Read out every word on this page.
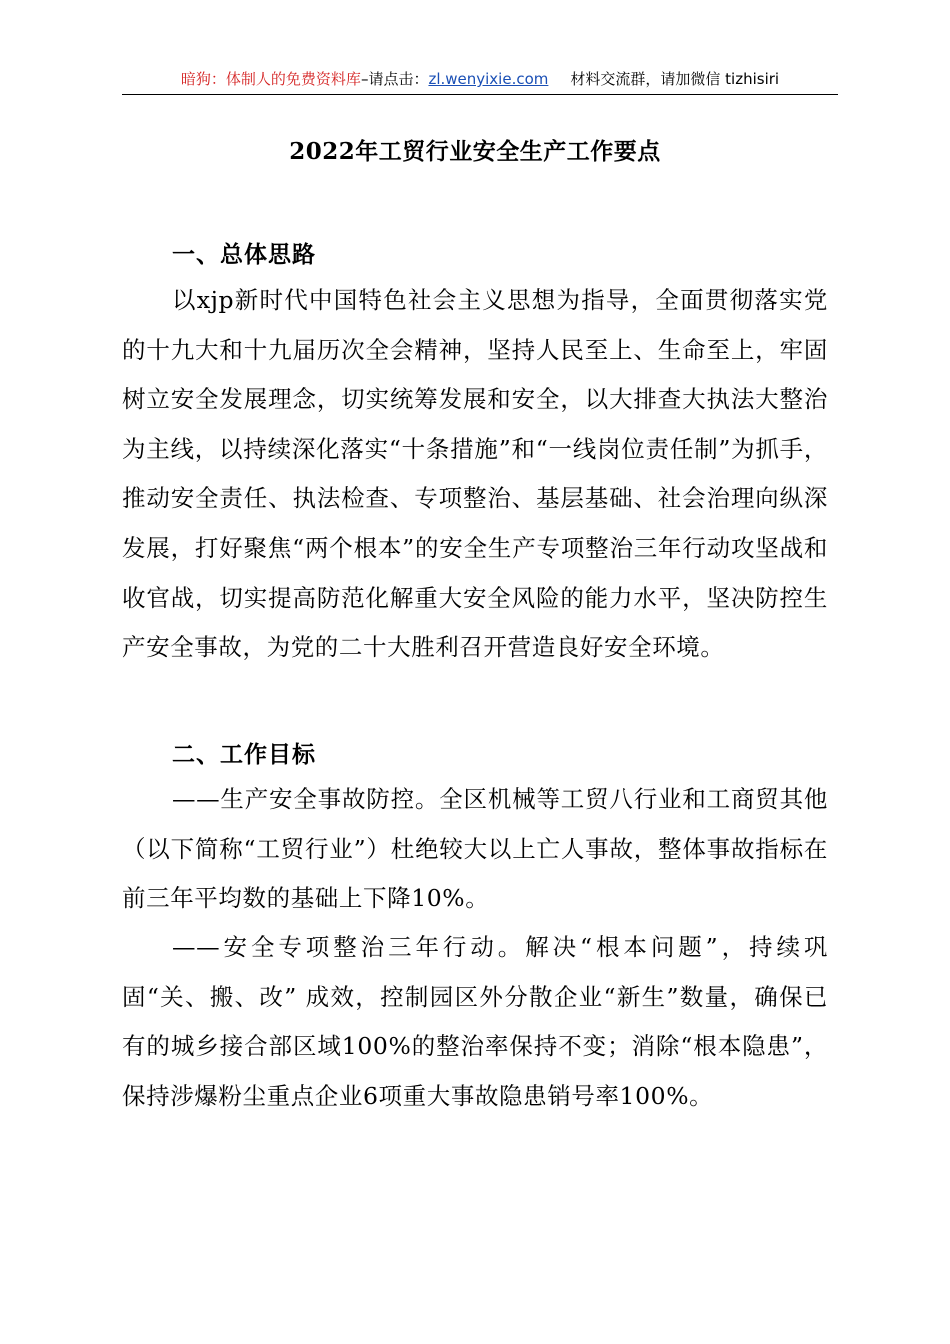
暗狗：体制人的免费资料库–请点击：zl.wenyixie.com 材料交流群，请加微信 tizhisiri
2022年工贸行业安全生产工作要点
一、总体思路
以xjp新时代中国特色社会主义思想为指导，全面贯彻落实党的十九大和十九届历次全会精神，坚持人民至上、生命至上，牢固树立安全发展理念，切实统筹发展和安全，以大排查大执法大整治为主线，以持续深化落实“十条措施”和“一线岗位责任制”为抓手，推动安全责任、执法检查、专项整治、基层基础、社会治理向纵深发展，打好聚焦“两个根本”的安全生产专项整治三年行动攻坚战和收官战，切实提高防范化解重大安全风险的能力水平，坚决防控生产安全事故，为党的二十大胜利召开营造良好安全环境。
二、工作目标
——生产安全事故防控。全区机械等工贸八行业和工商贸其他（以下简称“工贸行业”）杜绝较大以上亡人事故，整体事故指标在前三年平均数的基础上下降10%。
——安全专项整治三年行动。解决“根本问题”，持续巩固“关、搬、改” 成效，控制园区外分散企业“新生”数量，确保已有的城乡接合部区域100%的整治率保持不变；消除“根本隐患”，保持涉爆粉尘重点企业6项重大事故隐患销号率100%。
